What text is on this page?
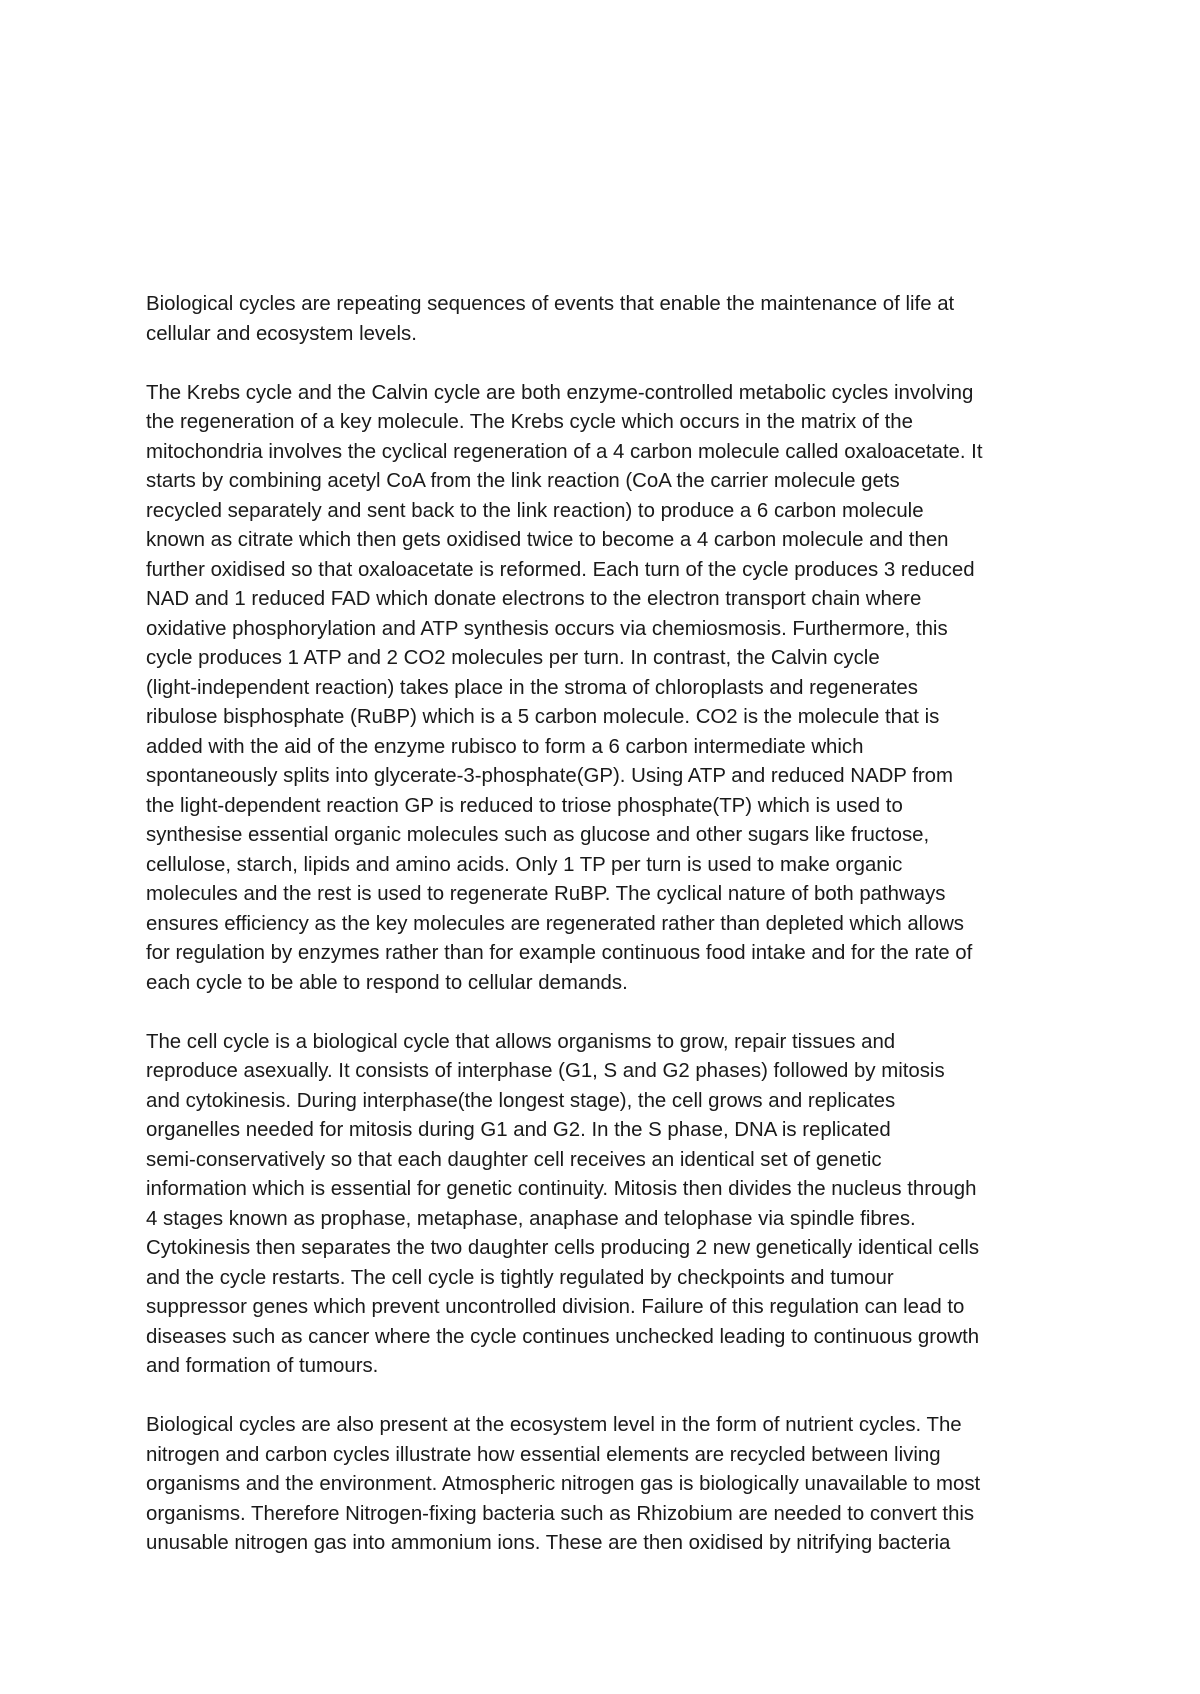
Biological cycles are repeating sequences of events that enable the maintenance of life at
cellular and ecosystem levels.

The Krebs cycle and the Calvin cycle are both enzyme-controlled metabolic cycles involving
the regeneration of a key molecule. The Krebs cycle which occurs in the matrix of the
mitochondria involves the cyclical regeneration of a 4 carbon molecule called oxaloacetate. It
starts by combining acetyl CoA from the link reaction (CoA the carrier molecule gets
recycled separately and sent back to the link reaction) to produce a 6 carbon molecule
known as citrate which then gets oxidised twice to become a 4 carbon molecule and then
further oxidised so that oxaloacetate is reformed. Each turn of the cycle produces 3 reduced
NAD and 1 reduced FAD which donate electrons to the electron transport chain where
oxidative phosphorylation and ATP synthesis occurs via chemiosmosis. Furthermore, this
cycle produces 1 ATP and 2 CO2 molecules per turn. In contrast, the Calvin cycle
(light-independent reaction) takes place in the stroma of chloroplasts and regenerates
ribulose bisphosphate (RuBP) which is a 5 carbon molecule. CO2 is the molecule that is
added with the aid of the enzyme rubisco to form a 6 carbon intermediate which
spontaneously splits into glycerate-3-phosphate(GP). Using ATP and reduced NADP from
the light-dependent reaction GP is reduced to triose phosphate(TP) which is used to
synthesise essential organic molecules such as glucose and other sugars like fructose,
cellulose, starch, lipids and amino acids. Only 1 TP per turn is used to make organic
molecules and the rest is used to regenerate RuBP. The cyclical nature of both pathways
ensures efficiency as the key molecules are regenerated rather than depleted which allows
for regulation by enzymes rather than for example continuous food intake and for the rate of
each cycle to be able to respond to cellular demands.

The cell cycle is a biological cycle that allows organisms to grow, repair tissues and
reproduce asexually. It consists of interphase (G1, S and G2 phases) followed by mitosis
and cytokinesis. During interphase(the longest stage), the cell grows and replicates
organelles needed for mitosis during G1 and G2. In the S phase, DNA is replicated
semi-conservatively so that each daughter cell receives an identical set of genetic
information which is essential for genetic continuity. Mitosis then divides the nucleus through
4 stages known as prophase, metaphase, anaphase and telophase via spindle fibres.
Cytokinesis then separates the two daughter cells producing 2 new genetically identical cells
and the cycle restarts. The cell cycle is tightly regulated by checkpoints and tumour
suppressor genes which prevent uncontrolled division. Failure of this regulation can lead to
diseases such as cancer where the cycle continues unchecked leading to continuous growth
and formation of tumours.

Biological cycles are also present at the ecosystem level in the form of nutrient cycles. The
nitrogen and carbon cycles illustrate how essential elements are recycled between living
organisms and the environment. Atmospheric nitrogen gas is biologically unavailable to most
organisms. Therefore Nitrogen-fixing bacteria such as Rhizobium are needed to convert this
unusable nitrogen gas into ammonium ions. These are then oxidised by nitrifying bacteria
